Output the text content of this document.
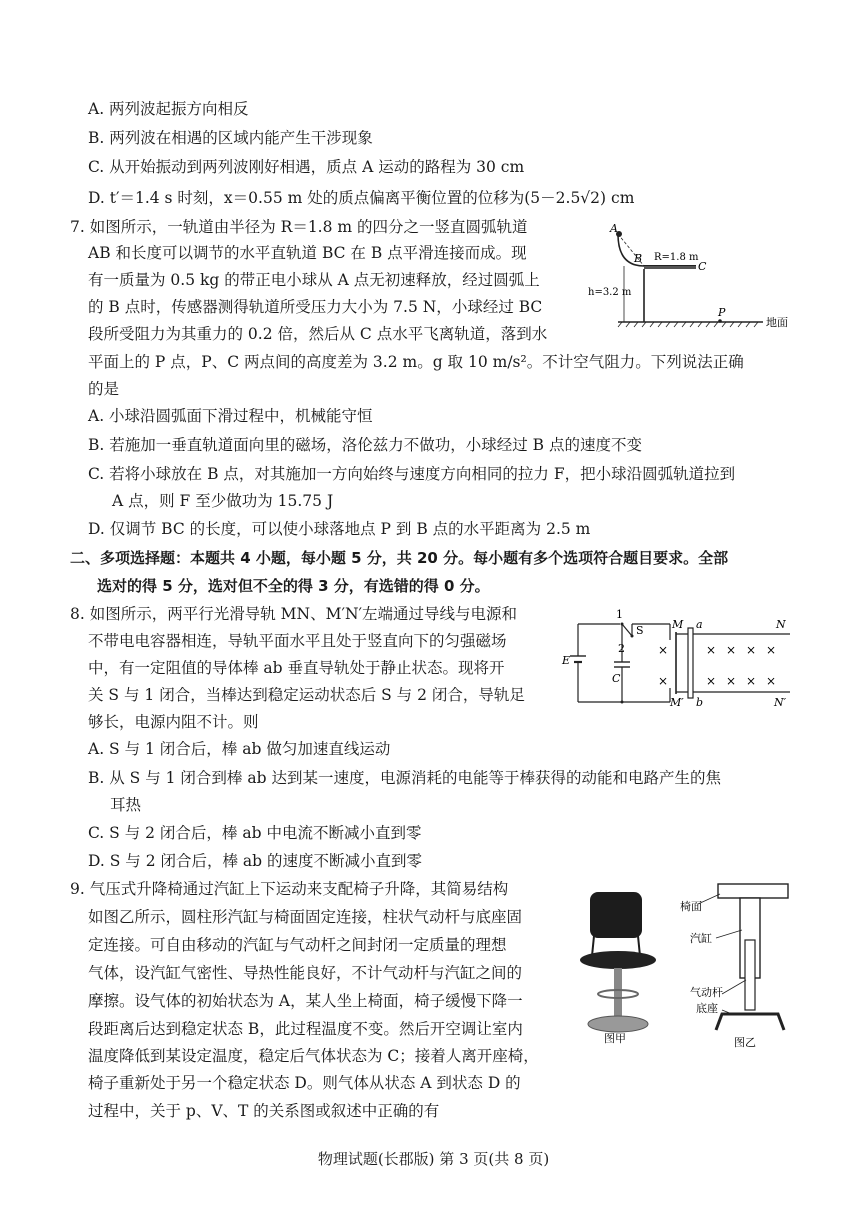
A. 两列波起振方向相反
B. 两列波在相遇的区域内能产生干涉现象
C. 从开始振动到两列波刚好相遇，质点 A 运动的路程为 30 cm
D. t′＝1.4 s 时刻，x＝0.55 m 处的质点偏离平衡位置的位移为(5－2.5√2) cm
7. 如图所示，一轨道由半径为 R＝1.8 m 的四分之一竖直圆弧轨道
AB 和长度可以调节的水平直轨道 BC 在 B 点平滑连接而成。现
有一质量为 0.5 kg 的带正电小球从 A 点无初速释放，经过圆弧上
的 B 点时，传感器测得轨道所受压力大小为 7.5 N，小球经过 BC
段所受阻力为其重力的 0.2 倍，然后从 C 点水平飞离轨道，落到水
平面上的 P 点，P、C 两点间的高度差为 3.2 m。g 取 10 m/s²。不计空气阻力。下列说法正确
的是
A
B
C
P
R=1.8 m
h=3.2 m
地面
A. 小球沿圆弧面下滑过程中，机械能守恒
B. 若施加一垂直轨道面向里的磁场，洛伦兹力不做功，小球经过 B 点的速度不变
C. 若将小球放在 B 点，对其施加一方向始终与速度方向相同的拉力 F，把小球沿圆弧轨道拉到
A 点，则 F 至少做功为 15.75 J
D. 仅调节 BC 的长度，可以使小球落地点 P 到 B 点的水平距离为 2.5 m
二、多项选择题：本题共 4 小题，每小题 5 分，共 20 分。每小题有多个选项符合题目要求。全部
选对的得 5 分，选对但不全的得 3 分，有选错的得 0 分。
8. 如图所示，两平行光滑导轨 MN、M′N′左端通过导线与电源和
不带电电容器相连，导轨平面水平且处于竖直向下的匀强磁场
中，有一定阻值的导体棒 ab 垂直导轨处于静止状态。现将开
关 S 与 1 闭合，当棒达到稳定运动状态后 S 与 2 闭合，导轨足
够长，电源内阻不计。则
×
×
× × × ×
× × × ×
1
2
S
E
C
M
M′
a
b
N
N′
A. S 与 1 闭合后，棒 ab 做匀加速直线运动
B. 从 S 与 1 闭合到棒 ab 达到某一速度，电源消耗的电能等于棒获得的动能和电路产生的焦
耳热
C. S 与 2 闭合后，棒 ab 中电流不断减小直到零
D. S 与 2 闭合后，棒 ab 的速度不断减小直到零
9. 气压式升降椅通过汽缸上下运动来支配椅子升降，其简易结构
如图乙所示，圆柱形汽缸与椅面固定连接，柱状气动杆与底座固
定连接。可自由移动的汽缸与气动杆之间封闭一定质量的理想
气体，设汽缸气密性、导热性能良好，不计气动杆与汽缸之间的
摩擦。设气体的初始状态为 A，某人坐上椅面，椅子缓慢下降一
段距离后达到稳定状态 B，此过程温度不变。然后开空调让室内
温度降低到某设定温度，稳定后气体状态为 C；接着人离开座椅，
椅子重新处于另一个稳定状态 D。则气体从状态 A 到状态 D 的
过程中，关于 p、V、T 的关系图或叙述中正确的有
图甲
椅面
汽缸
气动杆
底座
图乙
物理试题(长郡版) 第 3 页(共 8 页)
